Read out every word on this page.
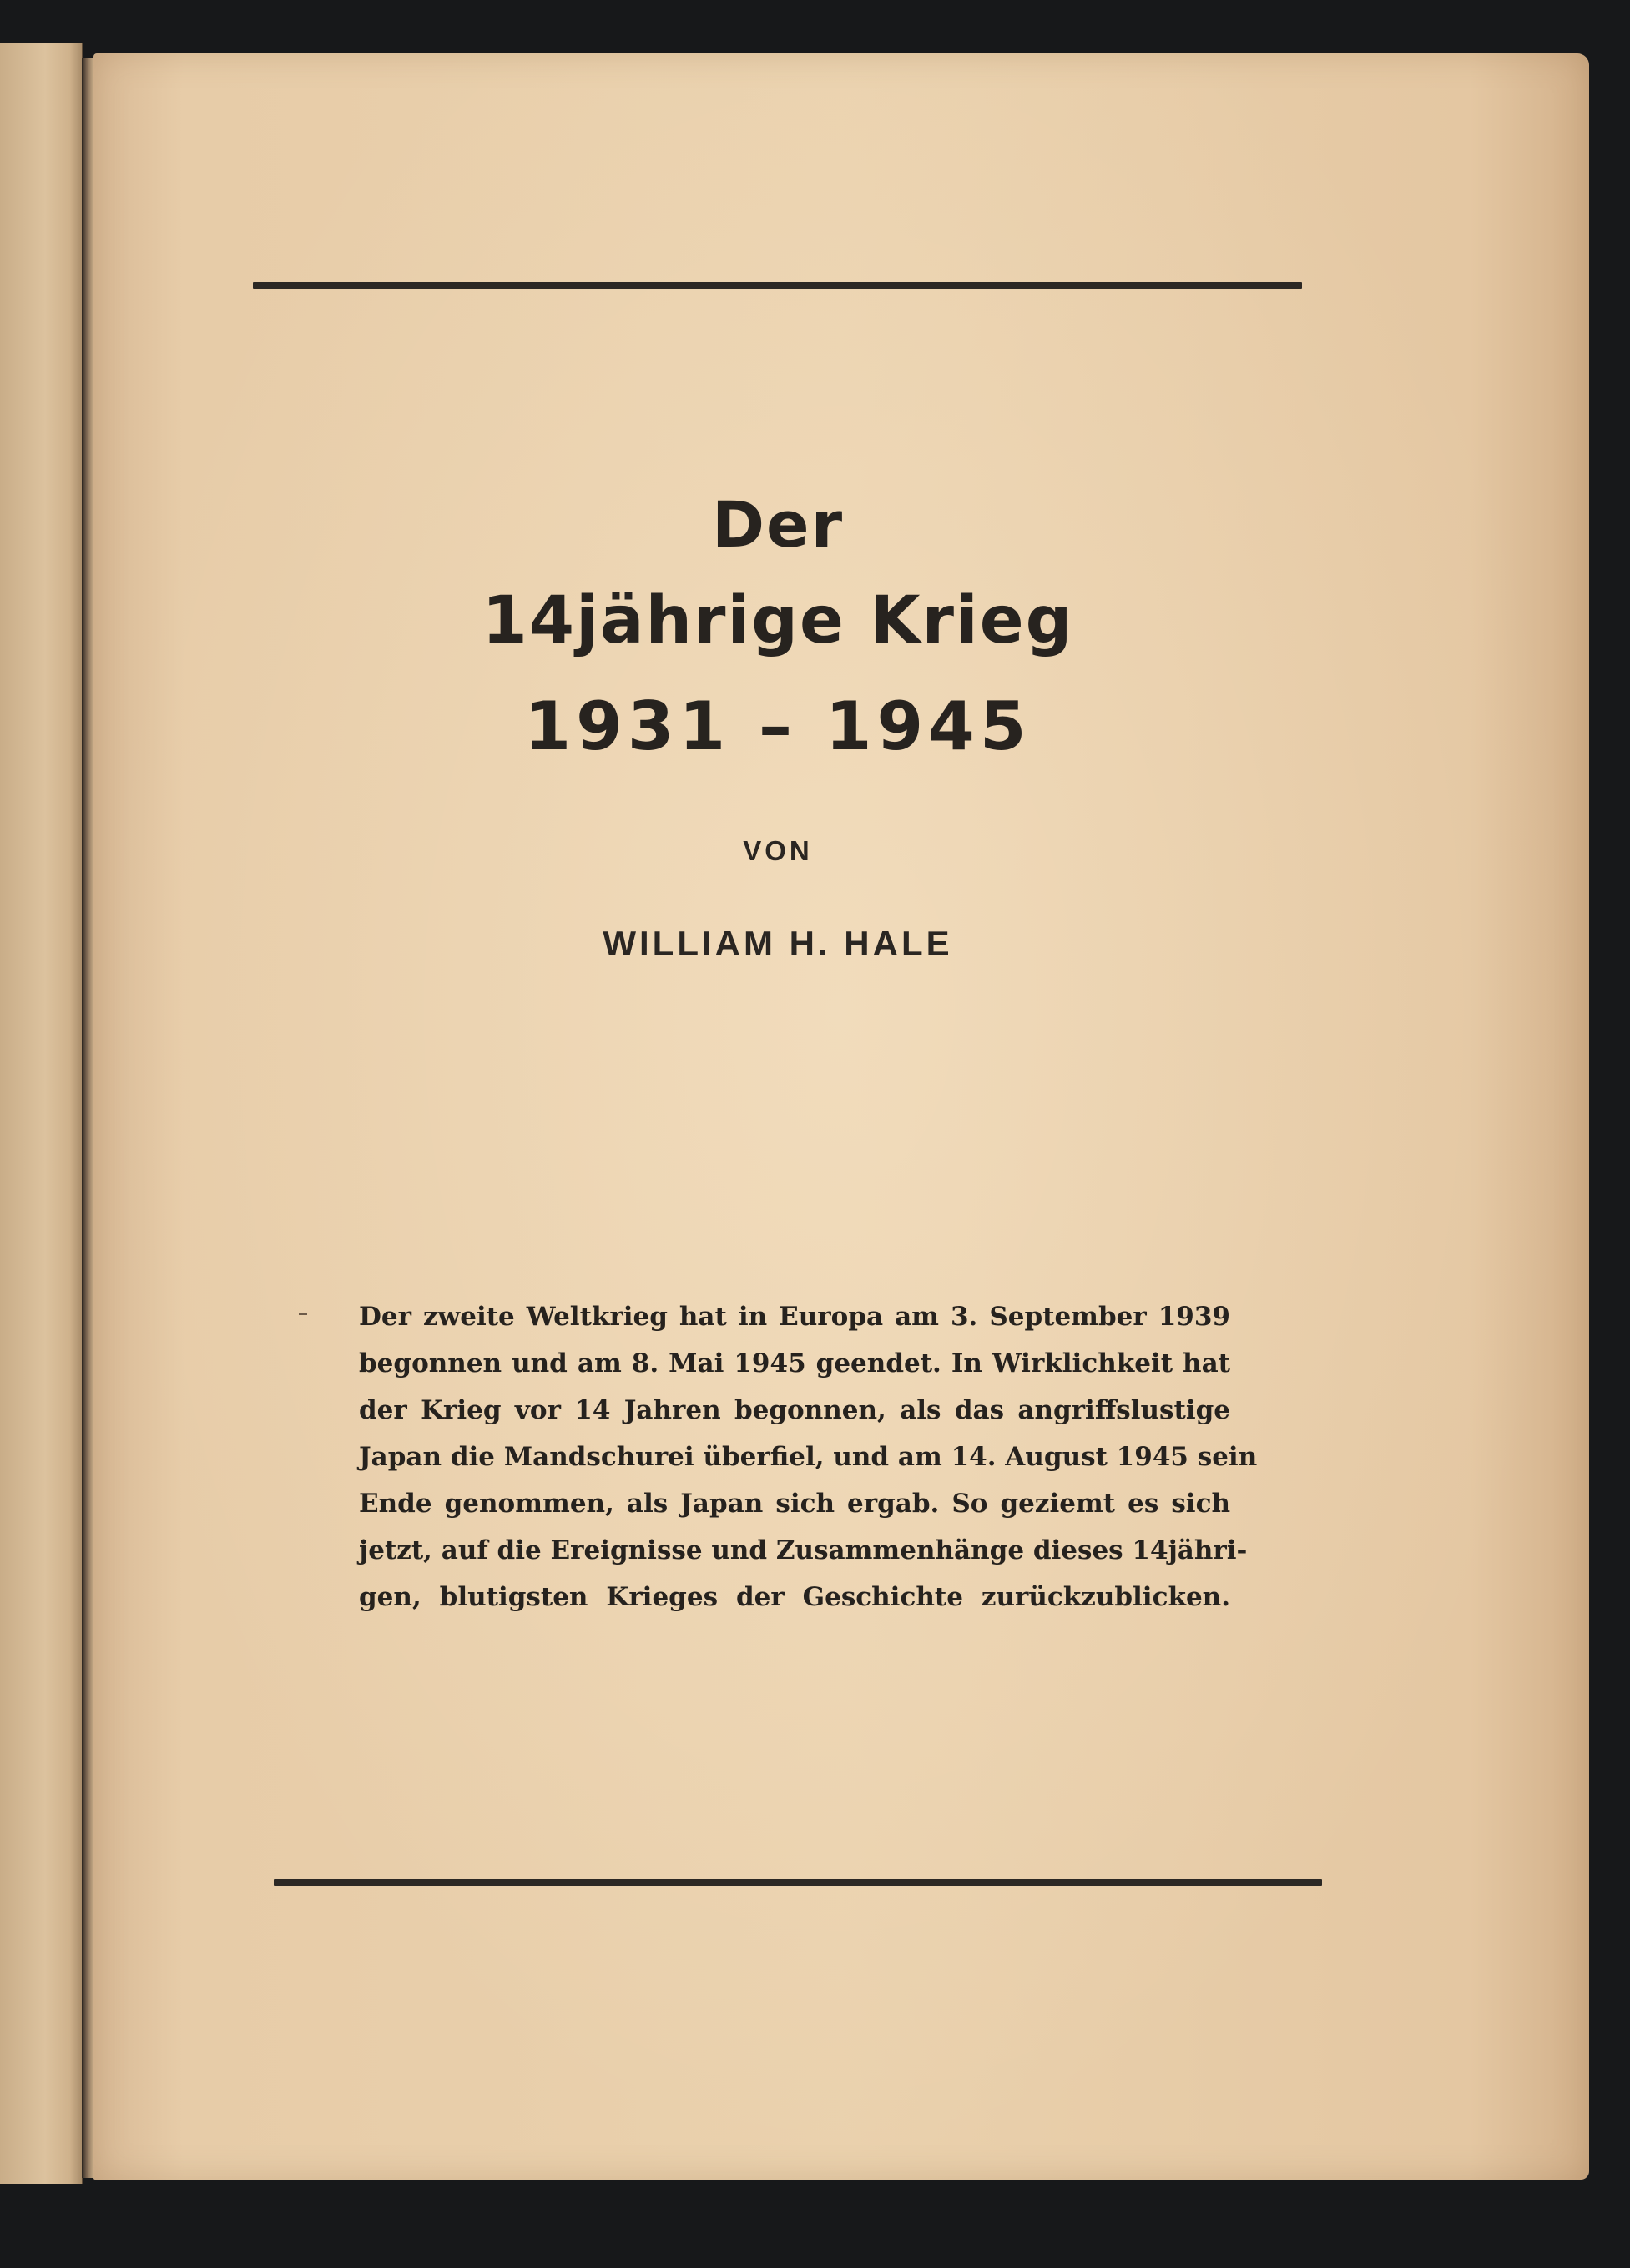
Der
14jährige Krieg
1931 – 1945
VON
WILLIAM H. HALE
Der zweite Weltkrieg hat in Europa am 3. September 1939
begonnen und am 8. Mai 1945 geendet. In Wirklichkeit hat
der Krieg vor 14 Jahren begonnen, als das angriffslustige
Japan die Mandschurei überfiel, und am 14. August 1945 sein
Ende genommen, als Japan sich ergab. So geziemt es sich
jetzt, auf die Ereignisse und Zusammenhänge dieses 14jähri-
gen, blutigsten Krieges der Geschichte zurückzublicken.
